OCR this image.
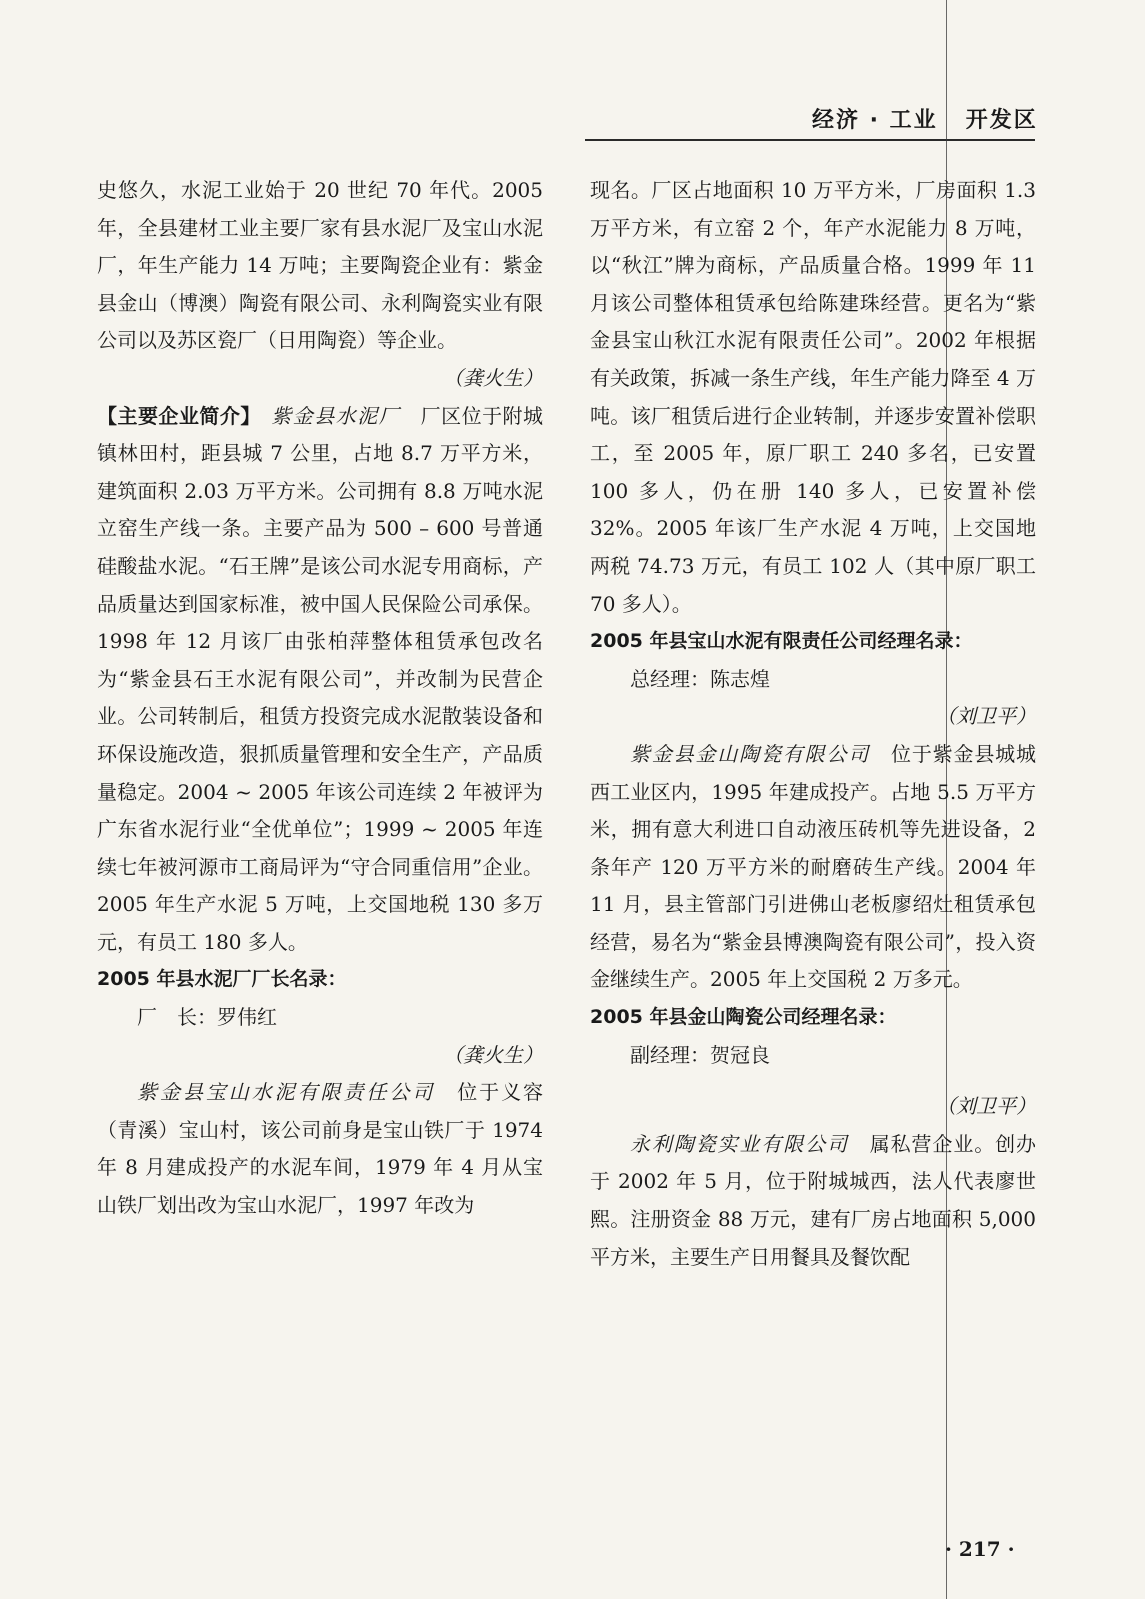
经济 · 工业 开发区

史悠久，水泥工业始于 20 世纪 70 年代。2005 年，全县建材工业主要厂家有县水泥厂及宝山水泥厂，年生产能力 14 万吨；主要陶瓷企业有：紫金县金山（博澳）陶瓷有限公司、永利陶瓷实业有限公司以及苏区瓷厂（日用陶瓷）等企业。

（龚火生）

【主要企业简介】　 紫金县水泥厂　 厂区位于附城镇林田村，距县城 7 公里，占地 8.7 万平方米，建筑面积 2.03 万平方米。公司拥有 8.8 万吨水泥立窑生产线一条。主要产品为 500 – 600 号普通硅酸盐水泥。“石王牌”是该公司水泥专用商标，产品质量达到国家标准，被中国人民保险公司承保。1998 年 12 月该厂由张柏萍整体租赁承包改名为“紫金县石王水泥有限公司”，并改制为民营企业。公司转制后，租赁方投资完成水泥散装设备和环保设施改造，狠抓质量管理和安全生产，产品质量稳定。2004 ~ 2005 年该公司连续 2 年被评为广东省水泥行业“全优单位”；1999 ~ 2005 年连续七年被河源市工商局评为“守合同重信用”企业。2005 年生产水泥 5 万吨，上交国地税 130 多万元，有员工 180 多人。

2005 年县水泥厂厂长名录：

厂　长：罗伟红

（龚火生）

紫金县宝山水泥有限责任公司　 位于义容（青溪）宝山村，该公司前身是宝山铁厂于 1974 年 8 月建成投产的水泥车间，1979 年 4 月从宝山铁厂划出改为宝山水泥厂，1997 年改为

现名。厂区占地面积 10 万平方米，厂房面积 1.3 万平方米，有立窑 2 个，年产水泥能力 8 万吨，以“秋江”牌为商标，产品质量合格。1999 年 11 月该公司整体租赁承包给陈建珠经营。更名为“紫金县宝山秋江水泥有限责任公司”。2002 年根据有关政策，拆减一条生产线，年生产能力降至 4 万吨。该厂租赁后进行企业转制，并逐步安置补偿职工，至 2005 年，原厂职工 240 多名，已安置 100 多人，仍在册 140 多人，已安置补偿 32%。2005 年该厂生产水泥 4 万吨，上交国地两税 74.73 万元，有员工 102 人（其中原厂职工 70 多人）。

2005 年县宝山水泥有限责任公司经理名录：

总经理：陈志煌

（刘卫平）

紫金县金山陶瓷有限公司　 位于紫金县城城西工业区内，1995 年建成投产。占地 5.5 万平方米，拥有意大利进口自动液压砖机等先进设备，2 条年产 120 万平方米的耐磨砖生产线。2004 年 11 月，县主管部门引进佛山老板廖绍灶租赁承包经营，易名为“紫金县博澳陶瓷有限公司”，投入资金继续生产。2005 年上交国税 2 万多元。

2005 年县金山陶瓷公司经理名录：

副经理：贺冠良

（刘卫平）

永利陶瓷实业有限公司　 属私营企业。创办于 2002 年 5 月，位于附城城西，法人代表廖世熙。注册资金 88 万元，建有厂房占地面积 5,000 平方米，主要生产日用餐具及餐饮配

· 217 ·
